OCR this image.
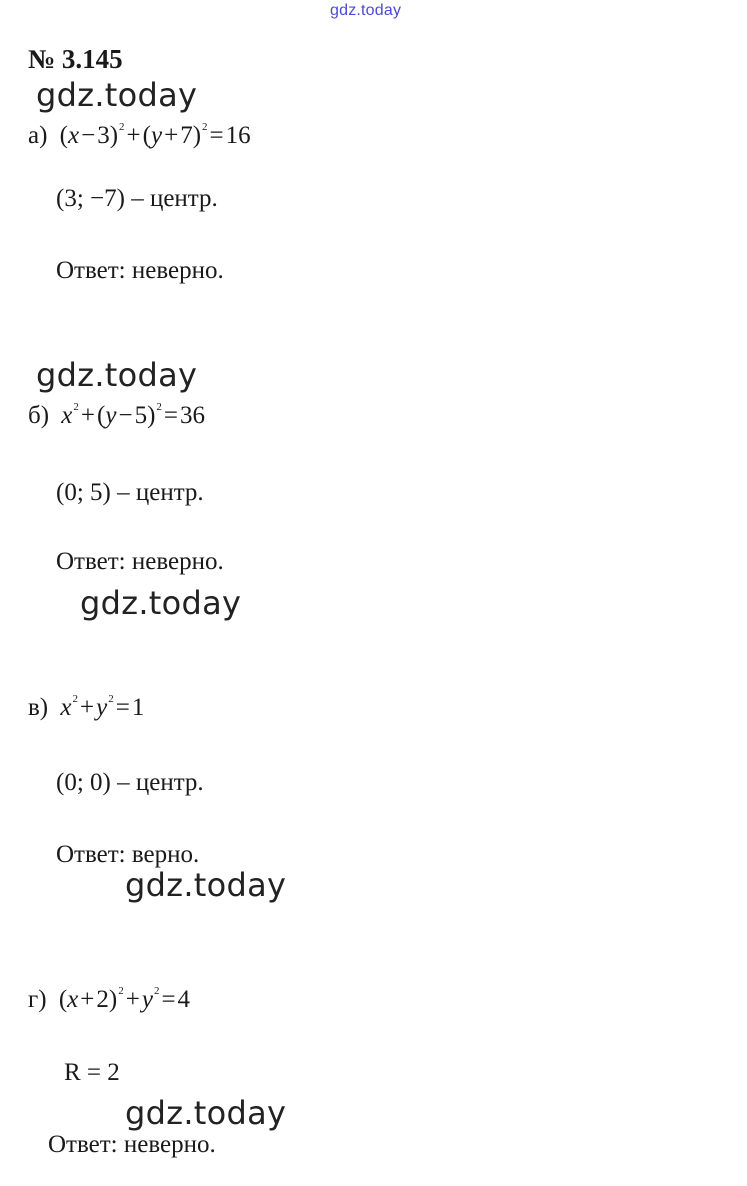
gdz.today
№ 3.145
gdz.today
а) $(x-3)^2+(y+7)^2=16$
(3; −7) – центр.
Ответ: неверно.
gdz.today
б) $x^2+(y-5)^2=36$
(0; 5) – центр.
Ответ: неверно.
gdz.today
в) $x^2+y^2=1$
(0; 0) – центр.
Ответ: верно.
gdz.today
г) $(x+2)^2+y^2=4$
R = 2
gdz.today
Ответ: неверно.
